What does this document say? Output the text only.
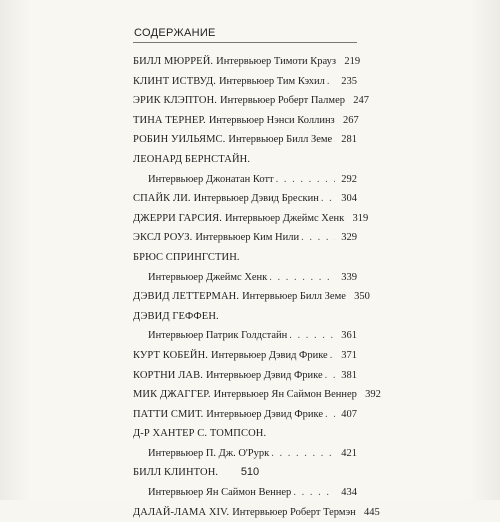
СОДЕРЖАНИЕ
БИЛЛ МЮРРЕЙ. Интервьюер Тимоти Крауз 219
КЛИНТ ИСТВУД. Интервьюер Тим Кэхил . . .	235
ЭРИК КЛЭПТОН. Интервьюер Роберт Палмер 247
ТИНА ТЕРНЕР. Интервьюер Нэнси Коллинз 267
РОБИН УИЛЬЯМС. Интервьюер Билл Земе . . . 281
ЛЕОНАРД БЕРНСТАЙН.
Интервьюер Джонатан Котт . . .	292
СПАЙК ЛИ. Интервьюер Дэвид Брескин . . .	304
ДЖЕРРИ ГАРСИЯ. Интервьюер Джеймс Хенк 319
ЭКСЛ РОУЗ. Интервьюер Ким Нили . . .	329
БРЮС СПРИНГСТИН.
Интервьюер Джеймс Хенк . . .	339
ДЭВИД ЛЕТТЕРМАН. Интервьюер Билл Земе 350
ДЭВИД ГЕФФЕН.
Интервьюер Патрик Голдстайн . . .	361
КУРТ КОБЕЙН. Интервьюер Дэвид Фрике . . .	371
КОРТНИ ЛАВ. Интервьюер Дэвид Фрике . . .	381
МИК ДЖАГГЕР. Интервьюер Ян Саймон Веннер 392
ПАТТИ СМИТ. Интервьюер Дэвид Фрике . . .	407
Д-Р ХАНТЕР С. ТОМПСОН.
Интервьюер П. Дж. О'Рурк . . .	421
БИЛЛ КЛИНТОН.
Интервьюер Ян Саймон Веннер . . .	434
ДАЛАЙ-ЛАМА XIV. Интервьюер Роберт Термэн 445
510
